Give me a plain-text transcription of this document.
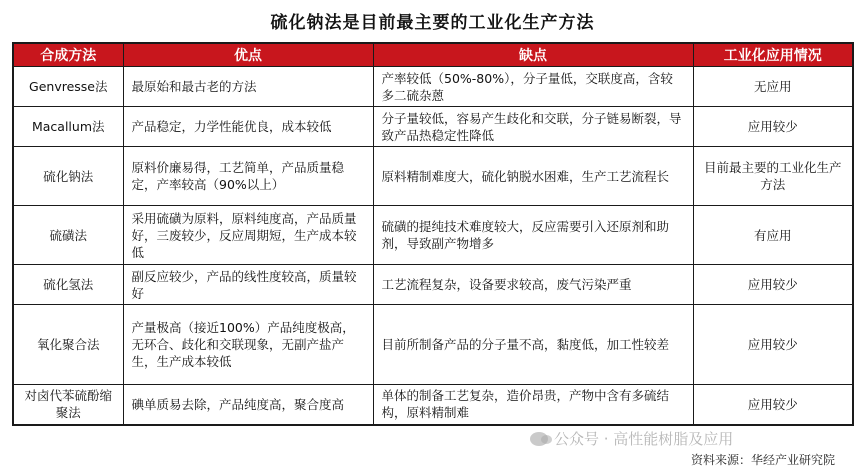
硫化钠法是目前最主要的工业化生产方法
合成方法	优点	缺点	工业化应用情况
Genvresse法	最原始和最古老的方法	产率较低（50%-80%），分子量低，交联度高，含较多二硫杂蒽	无应用
Macallum法	产品稳定，力学性能优良，成本较低	分子量较低，容易产生歧化和交联，分子链易断裂，导致产品热稳定性降低	应用较少
硫化钠法	原料价廉易得，工艺简单，产品质量稳定，产率较高（90%以上）	原料精制难度大，硫化钠脱水困难，生产工艺流程长	目前最主要的工业化生产方法
硫磺法	采用硫磺为原料，原料纯度高，产品质量好，三废较少，反应周期短，生产成本较低	硫磺的提纯技术难度较大，反应需要引入还原剂和助剂，导致副产物增多	有应用
硫化氢法	副反应较少，产品的线性度较高，质量较好	工艺流程复杂，设备要求较高，废气污染严重	应用较少
氧化聚合法	产量极高（接近100%）产品纯度极高，无环合、歧化和交联现象，无副产盐产生，生产成本较低	目前所制备产品的分子量不高，黏度低，加工性较差	应用较少
对卤代苯硫酚缩聚法	碘单质易去除，产品纯度高，聚合度高	单体的制备工艺复杂，造价昂贵，产物中含有多硫结构，原料精制难	应用较少
公众号 · 高性能树脂及应用
资料来源：华经产业研究院
